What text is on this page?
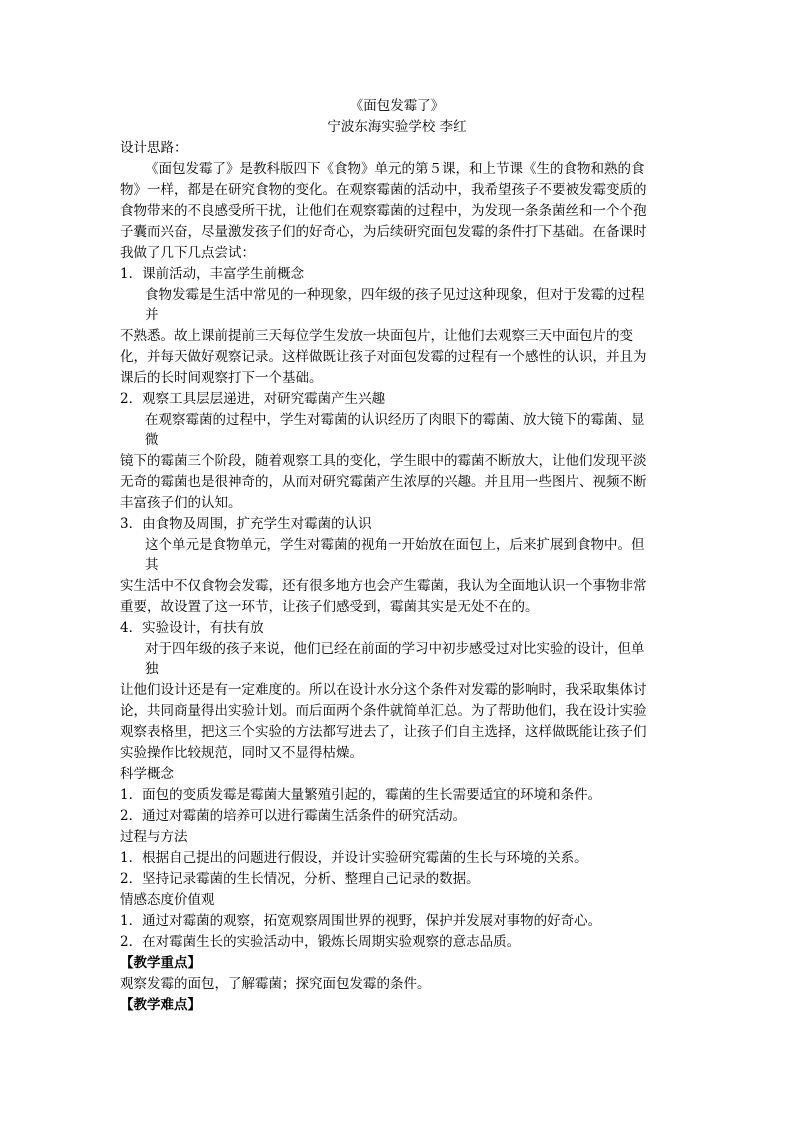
《面包发霉了》
宁波东海实验学校 李红
设计思路：
《面包发霉了》是教科版四下《食物》单元的第５课，和上节课《生的食物和熟的食
物》一样，都是在研究食物的变化。在观察霉菌的活动中，我希望孩子不要被发霉变质的
食物带来的不良感受所干扰，让他们在观察霉菌的过程中，为发现一条条菌丝和一个个孢
子囊而兴奋，尽量激发孩子们的好奇心，为后续研究面包发霉的条件打下基础。在备课时
我做了几下几点尝试：
1．课前活动，丰富学生前概念
食物发霉是生活中常见的一种现象，四年级的孩子见过这种现象，但对于发霉的过程
并
不熟悉。故上课前提前三天每位学生发放一块面包片，让他们去观察三天中面包片的变
化，并每天做好观察记录。这样做既让孩子对面包发霉的过程有一个感性的认识，并且为
课后的长时间观察打下一个基础。
2．观察工具层层递进，对研究霉菌产生兴趣
在观察霉菌的过程中，学生对霉菌的认识经历了肉眼下的霉菌、放大镜下的霉菌、显
微
镜下的霉菌三个阶段，随着观察工具的变化，学生眼中的霉菌不断放大，让他们发现平淡
无奇的霉菌也是很神奇的，从而对研究霉菌产生浓厚的兴趣。并且用一些图片、视频不断
丰富孩子们的认知。
3．由食物及周围，扩充学生对霉菌的认识
这个单元是食物单元，学生对霉菌的视角一开始放在面包上，后来扩展到食物中。但
其
实生活中不仅食物会发霉，还有很多地方也会产生霉菌，我认为全面地认识一个事物非常
重要，故设置了这一环节，让孩子们感受到，霉菌其实是无处不在的。
4．实验设计，有扶有放
对于四年级的孩子来说，他们已经在前面的学习中初步感受过对比实验的设计，但单
独
让他们设计还是有一定难度的。所以在设计水分这个条件对发霉的影响时，我采取集体讨
论，共同商量得出实验计划。而后面两个条件就简单汇总。为了帮助他们，我在设计实验
观察表格里，把这三个实验的方法都写进去了，让孩子们自主选择，这样做既能让孩子们
实验操作比较规范，同时又不显得枯燥。
科学概念
1．面包的变质发霉是霉菌大量繁殖引起的，霉菌的生长需要适宜的环境和条件。
2．通过对霉菌的培养可以进行霉菌生活条件的研究活动。
过程与方法
1．根据自己提出的问题进行假设，并设计实验研究霉菌的生长与环境的关系。
2．坚持记录霉菌的生长情况，分析、整理自己记录的数据。
情感态度价值观
1．通过对霉菌的观察，拓宽观察周围世界的视野，保护并发展对事物的好奇心。
2．在对霉菌生长的实验活动中，锻炼长周期实验观察的意志品质。
【教学重点】
观察发霉的面包，了解霉菌；探究面包发霉的条件。
【教学难点】
